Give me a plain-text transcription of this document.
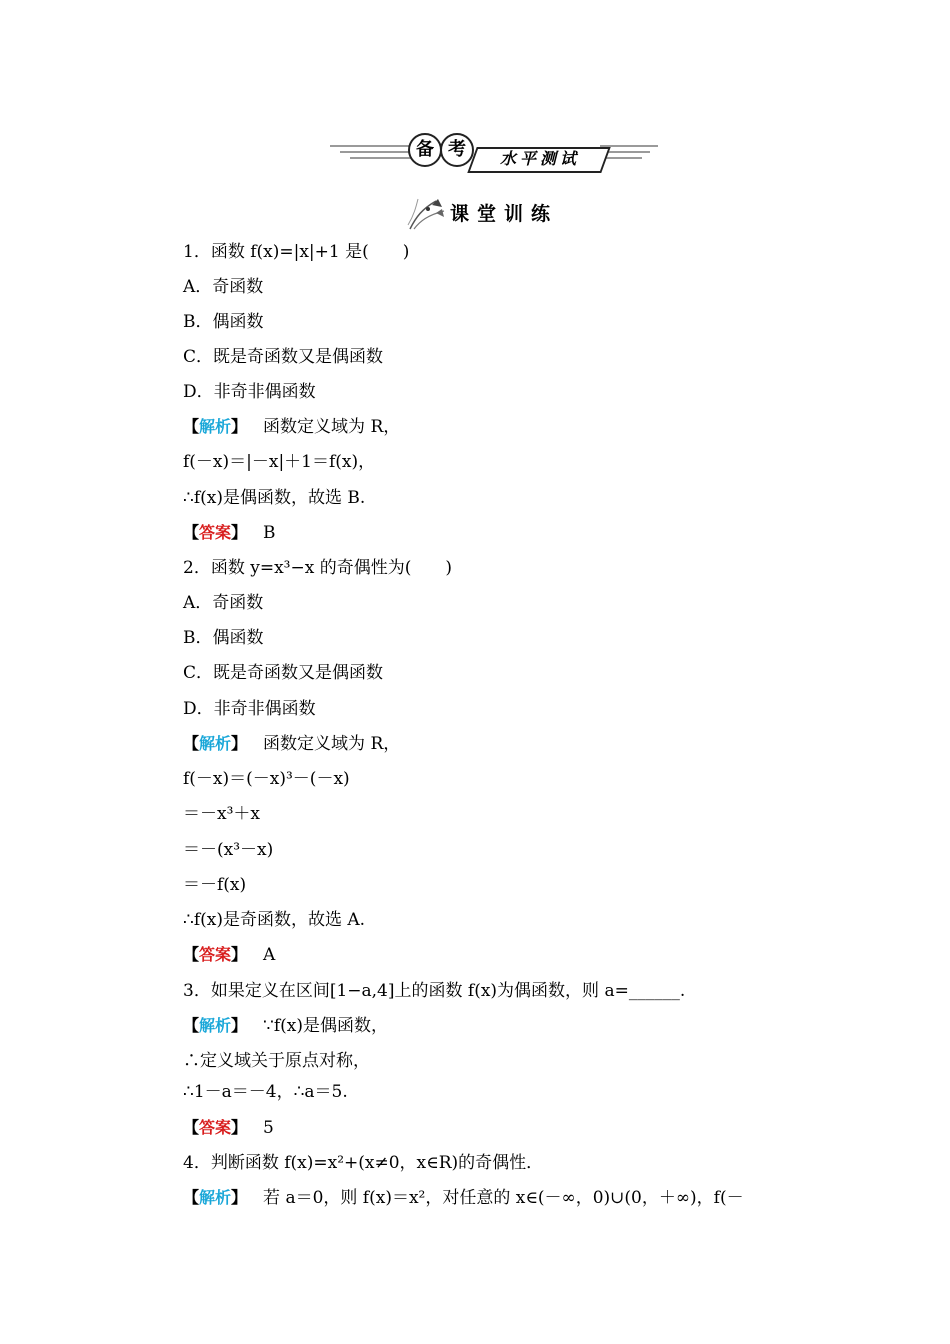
备 考	水平测试
课堂训练
1．函数 f(x)=|x|+1 是(　　)
A．奇函数
B．偶函数
C．既是奇函数又是偶函数
D．非奇非偶函数
【解析】 函数定义域为 R，
f(－x)＝|－x|＋1＝f(x)，
∴f(x)是偶函数，故选 B.
【答案】 B
2．函数 y=x³−x 的奇偶性为(　　)
A．奇函数
B．偶函数
C．既是奇函数又是偶函数
D．非奇非偶函数
【解析】 函数定义域为 R，
f(－x)＝(－x)³－(－x)
＝－x³＋x
＝－(x³－x)
＝－f(x)
∴f(x)是奇函数，故选 A.
【答案】 A
3．如果定义在区间[1−a,4]上的函数 f(x)为偶函数，则 a=______.
【解析】 ∵f(x)是偶函数，
∴定义域关于原点对称，
∴1－a＝－4，∴a＝5.
【答案】 5
4．判断函数 f(x)=x²+(x≠0，x∈R)的奇偶性．
【解析】 若 a＝0，则 f(x)＝x²，对任意的 x∈(－∞，0)∪(0，＋∞)，f(－
